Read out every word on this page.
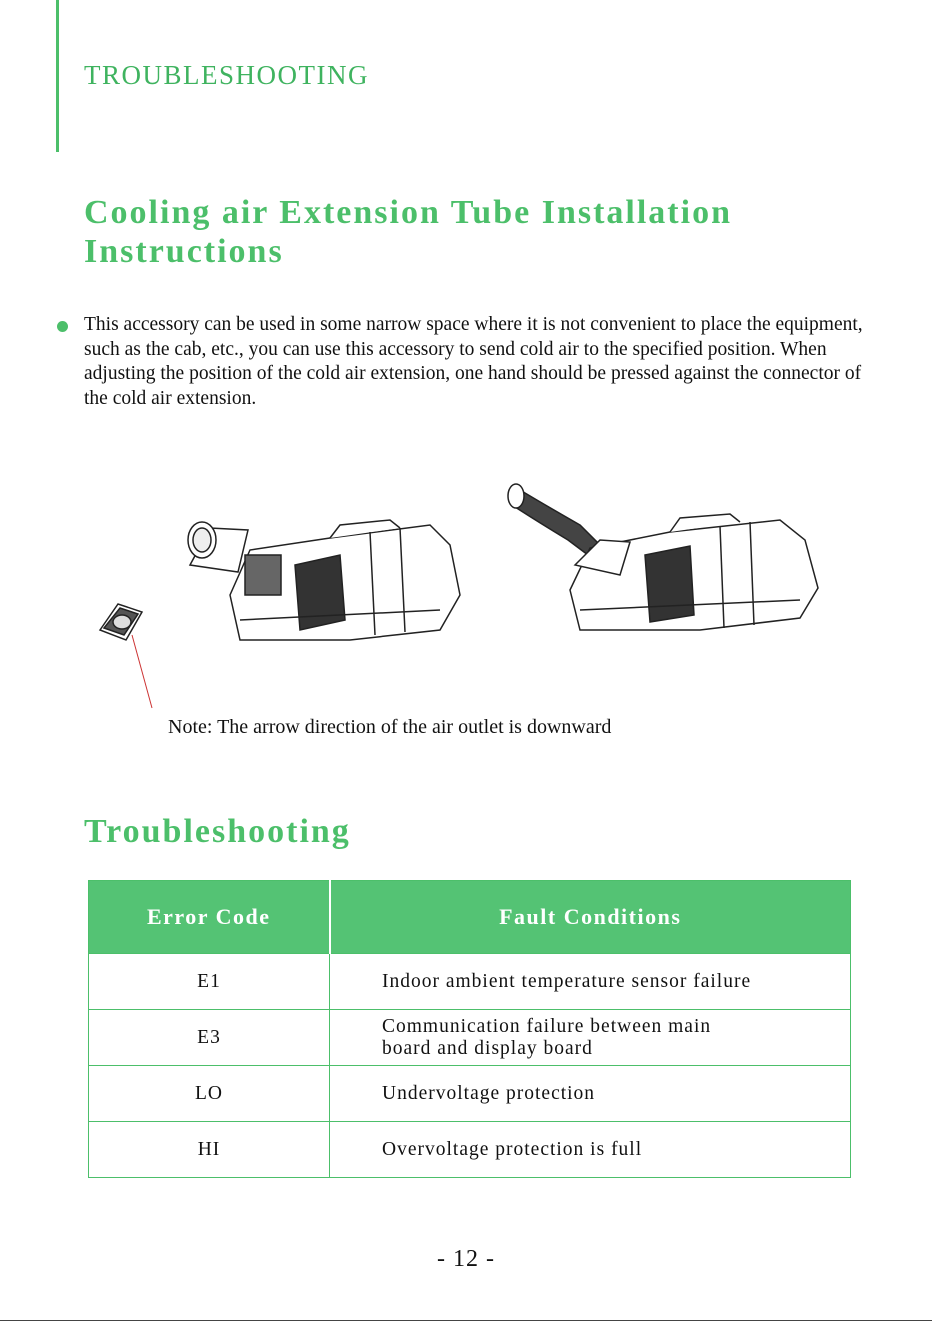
TROUBLESHOOTING
Cooling air Extension Tube Installation Instructions

This accessory can be used in some narrow space where it is not convenient to place the equipment, such as the cab, etc., you can use this accessory to send cold air to the specified position. When adjusting the position of the cold air extension, one hand should be pressed against the connector of the cold air extension.

Note: The arrow direction of the air outlet is downward
Troubleshooting
Error Code	Fault Conditions
E1	Indoor ambient temperature sensor failure
E3	Communication failure between main board and display board
LO	Undervoltage protection
HI	Overvoltage protection is full
- 12 -
